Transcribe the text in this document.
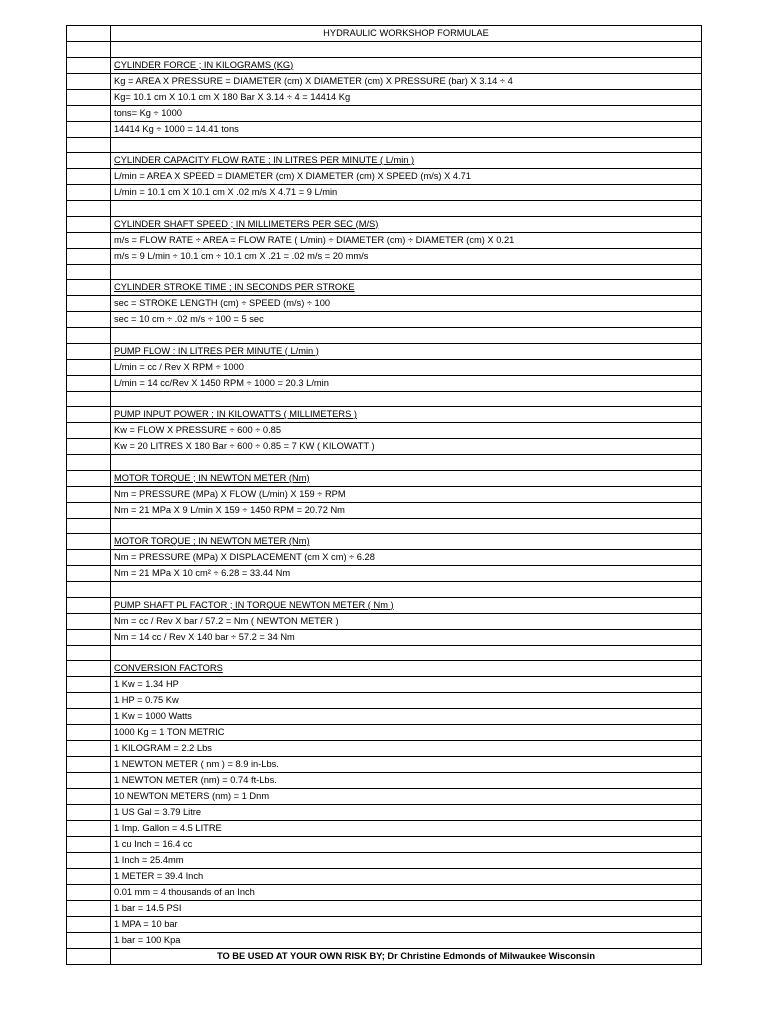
	HYDRAULIC WORKSHOP FORMULAE

	CYLINDER FORCE ; IN KILOGRAMS (KG)
	Kg = AREA X PRESSURE = DIAMETER (cm) X DIAMETER (cm) X PRESSURE (bar) X 3.14 ÷ 4
	Kg= 10.1 cm X 10.1 cm X 180 Bar X 3.14 ÷ 4 = 14414 Kg
	tons= Kg ÷ 1000
	14414 Kg ÷ 1000 = 14.41 tons

	CYLINDER CAPACITY FLOW RATE ; IN LITRES PER MINUTE ( L/min )
	L/min = AREA X SPEED = DIAMETER (cm) X DIAMETER (cm) X SPEED (m/s) X 4.71
	L/min = 10.1 cm X 10.1 cm X .02 m/s X 4.71 = 9 L/min

	CYLINDER SHAFT SPEED ; IN MILLIMETERS PER SEC (M/S)
	m/s = FLOW RATE ÷ AREA = FLOW RATE ( L/min) ÷ DIAMETER (cm) ÷ DIAMETER (cm) X 0.21
	m/s = 9 L/min ÷ 10.1 cm ÷ 10.1 cm X .21 = .02 m/s = 20 mm/s

	CYLINDER STROKE TIME ; IN SECONDS PER STROKE
	sec = STROKE LENGTH (cm) ÷ SPEED (m/s) ÷ 100
	sec = 10 cm ÷ .02 m/s ÷ 100 = 5 sec

	PUMP FLOW : IN LITRES PER MINUTE ( L/min )
	L/min = cc / Rev X RPM ÷ 1000
	L/min = 14 cc/Rev X 1450 RPM ÷ 1000 = 20.3 L/min

	PUMP INPUT POWER ; IN KILOWATTS ( MILLIMETERS )
	Kw = FLOW X PRESSURE ÷ 600 ÷ 0.85
	Kw = 20 LITRES X 180 Bar ÷ 600 ÷ 0.85 = 7 KW ( KILOWATT )

	MOTOR TORQUE ; IN NEWTON METER (Nm)
	Nm = PRESSURE (MPa) X FLOW (L/min) X 159 ÷ RPM
	Nm = 21 MPa X 9 L/min X 159 ÷ 1450 RPM = 20.72 Nm

	MOTOR TORQUE ; IN NEWTON METER (Nm)
	Nm = PRESSURE (MPa) X DISPLACEMENT (cm X cm) ÷ 6.28
	Nm = 21 MPa X 10 cm² ÷ 6.28 = 33.44 Nm

	PUMP SHAFT PL FACTOR ; IN TORQUE NEWTON METER ( Nm )
	Nm = cc / Rev X bar / 57.2 = Nm ( NEWTON METER )
	Nm = 14 cc / Rev X 140 bar ÷ 57.2 = 34 Nm

	CONVERSION FACTORS
	1 Kw = 1.34 HP
	1 HP = 0.75 Kw
	1 Kw = 1000 Watts
	1000 Kg = 1 TON METRIC
	1 KILOGRAM = 2.2 Lbs
	1 NEWTON METER ( nm ) = 8.9 in-Lbs.
	1 NEWTON METER (nm) = 0.74 ft-Lbs.
	10 NEWTON METERS (nm) = 1 Dnm
	1 US Gal = 3.79 Litre
	1 Imp. Gallon = 4.5 LITRE
	1 cu Inch = 16.4 cc
	1 Inch = 25.4mm
	1 METER = 39.4 Inch
	0.01 mm = 4 thousands of an Inch
	1 bar = 14.5 PSI
	1 MPA = 10 bar
	1 bar = 100 Kpa
	TO BE USED AT YOUR OWN RISK BY; Dr Christine Edmonds of Milwaukee Wisconsin
